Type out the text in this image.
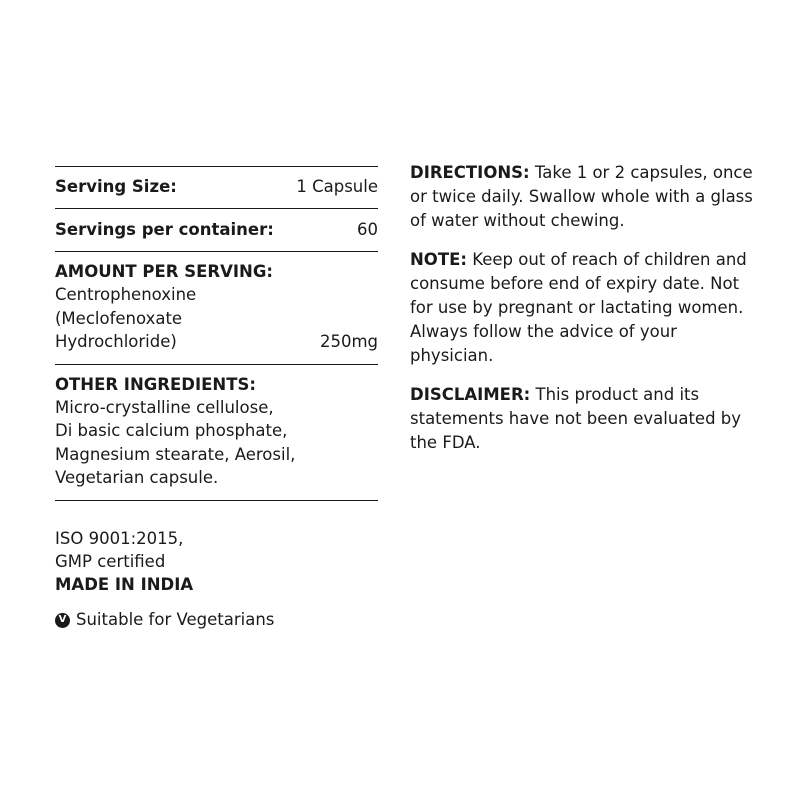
Serving Size:	1 Capsule
Servings per container:	60
AMOUNT PER SERVING:
Centrophenoxine
(Meclofenoxate
Hydrochloride)	250mg
OTHER INGREDIENTS:
Micro-crystalline cellulose,
Di basic calcium phosphate,
Magnesium stearate, Aerosil,
Vegetarian capsule.
ISO 9001:2015,
GMP certified
MADE IN INDIA
V Suitable for Vegetarians

DIRECTIONS: Take 1 or 2 capsules, once or twice daily. Swallow whole with a glass of water without chewing.

NOTE: Keep out of reach of children and consume before end of expiry date. Not for use by pregnant or lactating women. Always follow the advice of your physician.

DISCLAIMER: This product and its statements have not been evaluated by the FDA.
